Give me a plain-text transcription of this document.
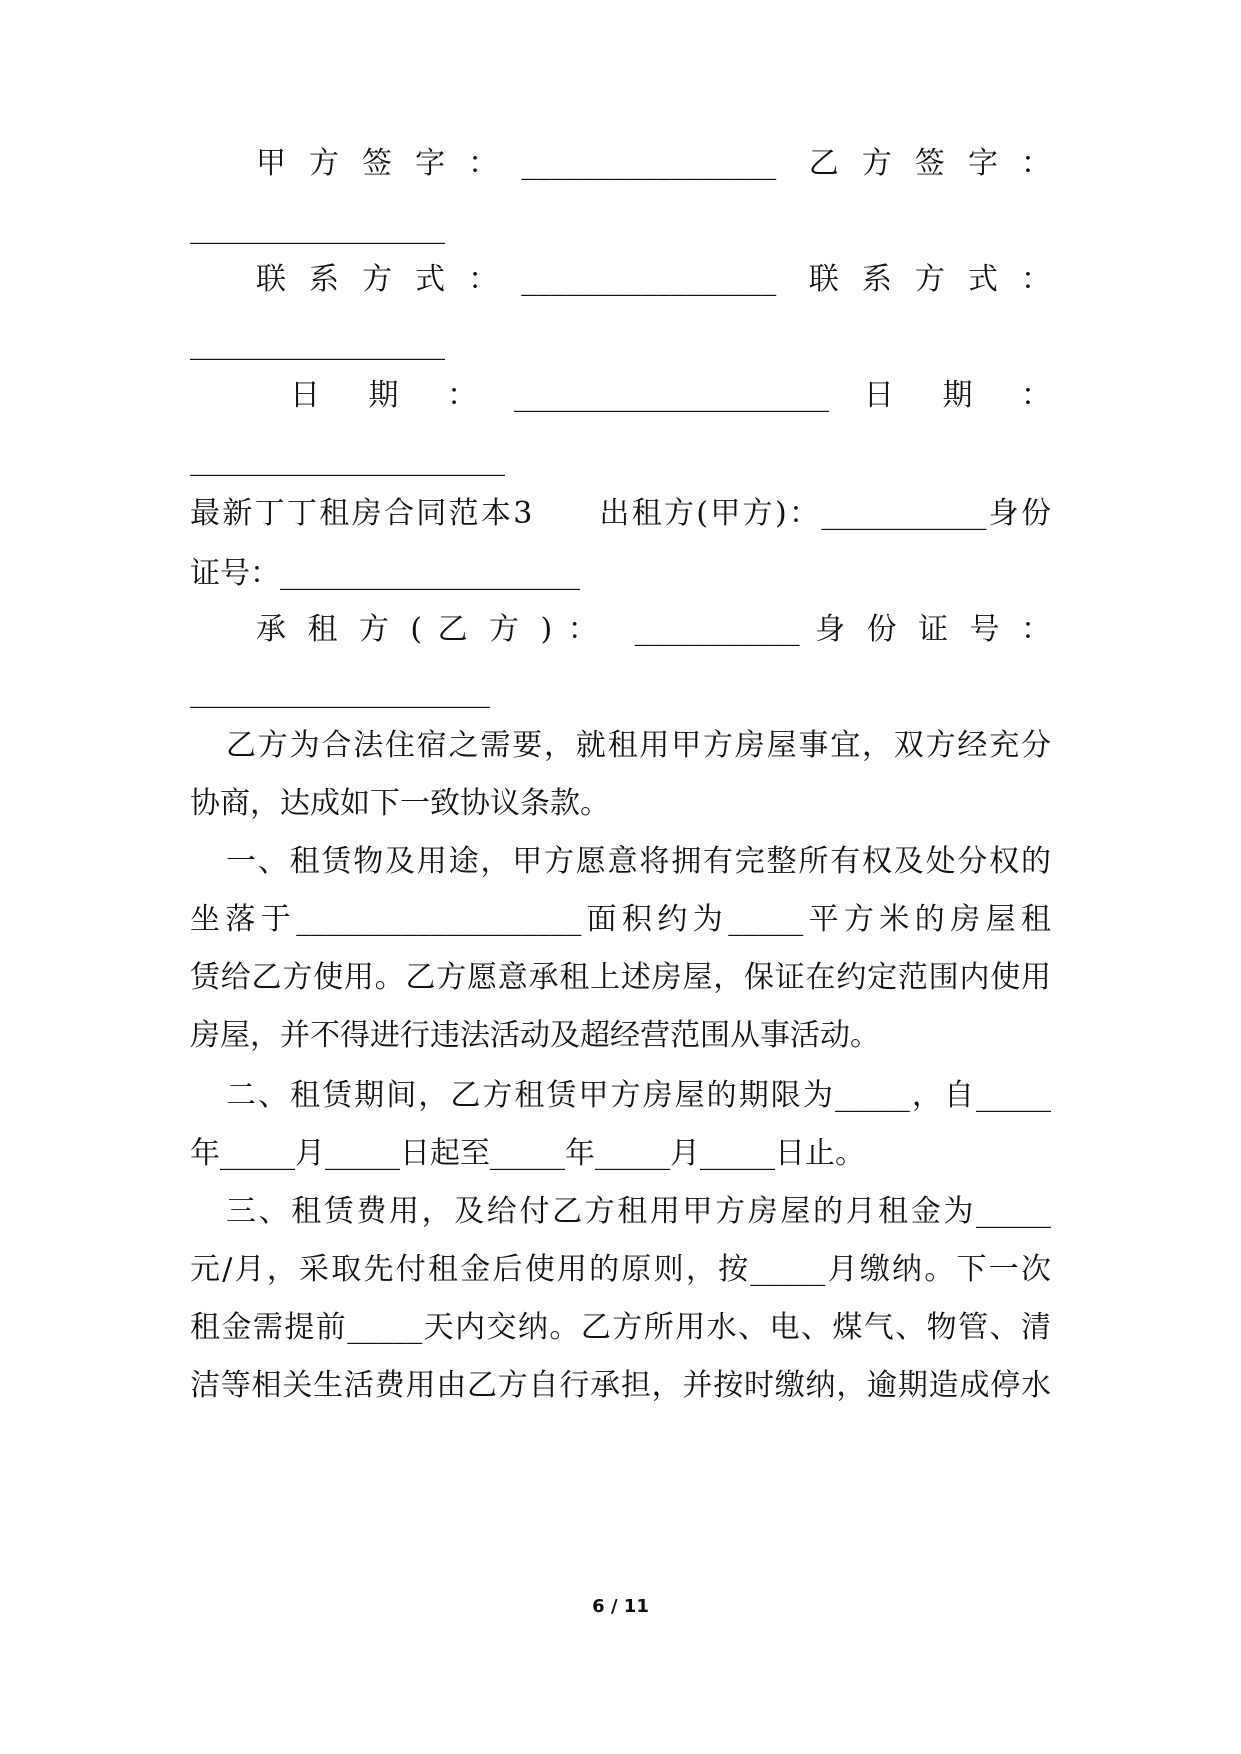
甲 方 签 字 ： _________________  乙 方 签 字 ：
_________________
联 系 方 式 ： _________________  联 系 方 式 ：
_________________
日    期    ：   _____________________   日    期    ：
_____________________
最新丁丁租房合同范本3　　出租方(甲方)：___________身份
证号：____________________
承 租 方 ( 乙 方 ) ：  ___________ 身 份 证 号 ：
____________________
乙方为合法住宿之需要，就租用甲方房屋事宜，双方经充分
协商，达成如下一致协议条款。
一、租赁物及用途，甲方愿意将拥有完整所有权及处分权的
坐落于___________________面积约为_____平方米的房屋租
赁给乙方使用。乙方愿意承租上述房屋，保证在约定范围内使用
房屋，并不得进行违法活动及超经营范围从事活动。
二、租赁期间，乙方租赁甲方房屋的期限为_____，自_____
年_____月_____日起至_____年_____月_____日止。
三、租赁费用，及给付乙方租用甲方房屋的月租金为_____
元/月，采取先付租金后使用的原则，按_____月缴纳。下一次
租金需提前_____天内交纳。乙方所用水、电、煤气、物管、清
洁等相关生活费用由乙方自行承担，并按时缴纳，逾期造成停水
6 / 11
